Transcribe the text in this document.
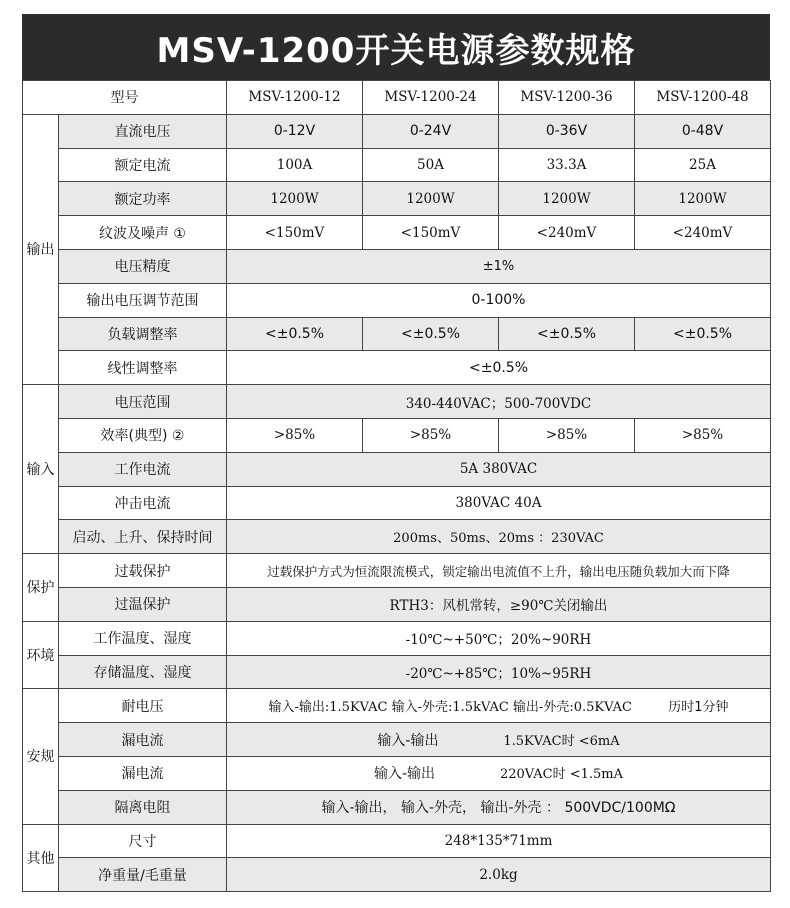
MSV-1200开关电源参数规格
型号		MSV-1200-12	MSV-1200-24	MSV-1200-36	MSV-1200-48
输出	直流电压	0-12V	0-24V	0-36V	0-48V
	额定电流	100A	50A	33.3A	25A
	额定功率	1200W	1200W	1200W	1200W
	纹波及噪声 ①	<150mV	<150mV	<240mV	<240mV
	电压精度	±1%			
	输出电压调节范围	0-100%			
	负载调整率	<±0.5%	<±0.5%	<±0.5%	<±0.5%
	线性调整率	<±0.5%			
输入	电压范围	340-440VAC；500-700VDC			
	效率(典型) ②	>85%	>85%	>85%	>85%
	工作电流	5A 380VAC			
	冲击电流	380VAC 40A			
	启动、上升、保持时间	200ms、50ms、20ms ：230VAC			
保护	过载保护	过载保护方式为恒流限流模式，锁定输出电流值不上升，输出电压随负载加大而下降			
	过温保护	RTH3：风机常转，≥90℃关闭输出			
环境	工作温度、湿度	-10℃~+50℃；20%~90RH			
	存储温度、湿度	-20℃~+85℃；10%~95RH			
安规	耐电压	输入-输出:1.5KVAC 输入-外壳:1.5kVAC 输出-外壳:0.5KVAC 历时1分钟			
	漏电流	输入-输出 1.5KVAC时 <6mA			
	漏电流	输入-输出 220VAC时 <1.5mA			
	隔离电阻	输入-输出， 输入-外壳， 输出-外壳 ： 500VDC/100MΩ			
其他	尺寸	248*135*71mm			
	净重量/毛重量	2.0kg			
